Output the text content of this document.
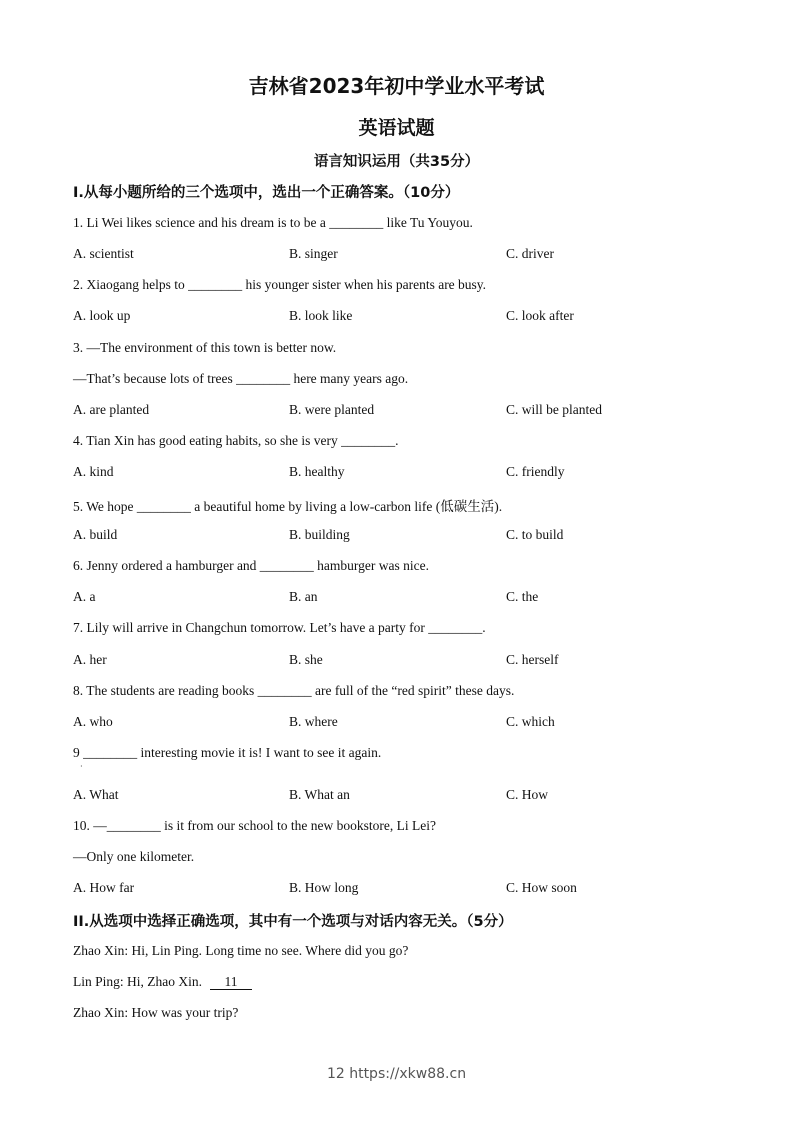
吉林省2023年初中学业水平考试
英语试题
语言知识运用（共35分）
I.从每小题所给的三个选项中，选出一个正确答案。（10分）
1. Li Wei likes science and his dream is to be a ________ like Tu Youyou.
A. scientist	B. singer	C. driver
2. Xiaogang helps to ________ his younger sister when his parents are busy.
A. look up	B. look like	C. look after
3. —The environment of this town is better now.
—That’s because lots of trees ________ here many years ago.
A. are planted	B. were planted	C. will be planted
4. Tian Xin has good eating habits, so she is very ________.
A. kind	B. healthy	C. friendly
5. We hope ________ a beautiful home by living a low-carbon life (低碳生活).
A. build	B. building	C. to build
6. Jenny ordered a hamburger and ________ hamburger was nice.
A. a	B. an	C. the
7. Lily will arrive in Changchun tomorrow. Let’s have a party for ________.
A. her	B. she	C. herself
8. The students are reading books ________ are full of the “red spirit” these days.
A. who	B. where	C. which
9 ________ interesting movie it is! I want to see it again.
·
A. What	B. What an	C. How
10. —________ is it from our school to the new bookstore, Li Lei?
—Only one kilometer.
A. How far	B. How long	C. How soon
II.从选项中选择正确选项，其中有一个选项与对话内容无关。（5分）
Zhao Xin: Hi, Lin Ping. Long time no see. Where did you go?
Lin Ping: Hi, Zhao Xin. 11
Zhao Xin: How was your trip?
12 https://xkw88.cn
